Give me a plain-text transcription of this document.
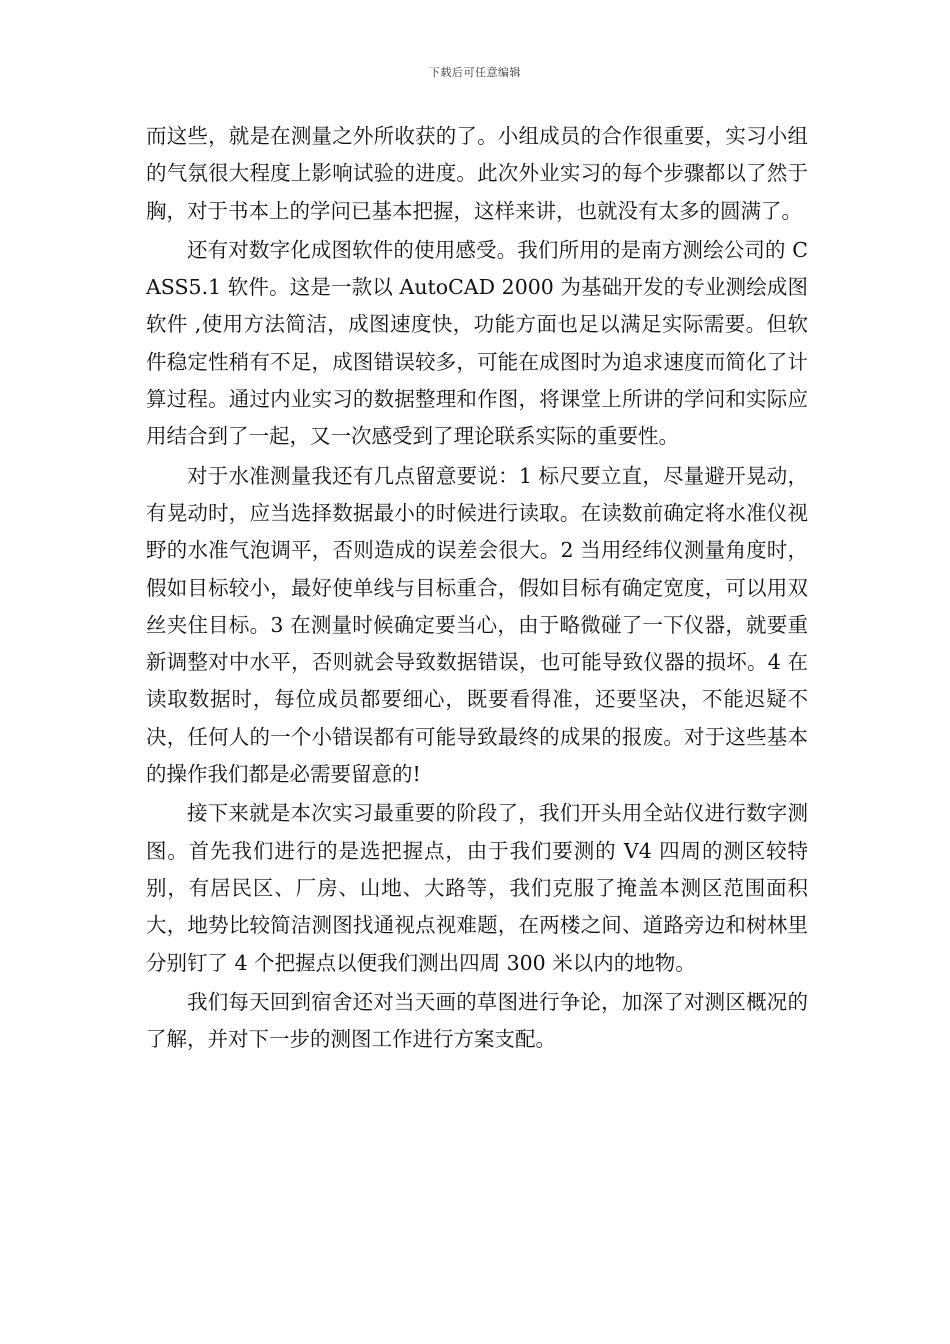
下载后可任意编辑

而这些，就是在测量之外所收获的了。小组成员的合作很重要，实习小组的气氛很大程度上影响试验的进度。此次外业实习的每个步骤都以了然于胸，对于书本上的学问已基本把握，这样来讲，也就没有太多的圆满了。

还有对数字化成图软件的使用感受。我们所用的是南方测绘公司的 CASS5.1 软件。这是一款以 AutoCAD 2000 为基础开发的专业测绘成图软件 ,使用方法简洁，成图速度快，功能方面也足以满足实际需要。但软件稳定性稍有不足，成图错误较多，可能在成图时为追求速度而简化了计算过程。通过内业实习的数据整理和作图，将课堂上所讲的学问和实际应用结合到了一起，又一次感受到了理论联系实际的重要性。

对于水准测量我还有几点留意要说：1 标尺要立直，尽量避开晃动，有晃动时，应当选择数据最小的时候进行读取。在读数前确定将水准仪视野的水准气泡调平，否则造成的误差会很大。2 当用经纬仪测量角度时，假如目标较小，最好使单线与目标重合，假如目标有确定宽度，可以用双丝夹住目标。3 在测量时候确定要当心，由于略微碰了一下仪器，就要重新调整对中水平，否则就会导致数据错误，也可能导致仪器的损坏。4 在读取数据时，每位成员都要细心，既要看得准，还要坚决，不能迟疑不决，任何人的一个小错误都有可能导致最终的成果的报废。对于这些基本的操作我们都是必需要留意的!

接下来就是本次实习最重要的阶段了，我们开头用全站仪进行数字测图。首先我们进行的是选把握点，由于我们要测的 V4 四周的测区较特别，有居民区、厂房、山地、大路等，我们克服了掩盖本测区范围面积大，地势比较简洁测图找通视点视难题，在两楼之间、道路旁边和树林里分别钉了 4 个把握点以便我们测出四周 300 米以内的地物。

我们每天回到宿舍还对当天画的草图进行争论，加深了对测区概况的了解，并对下一步的测图工作进行方案支配。
